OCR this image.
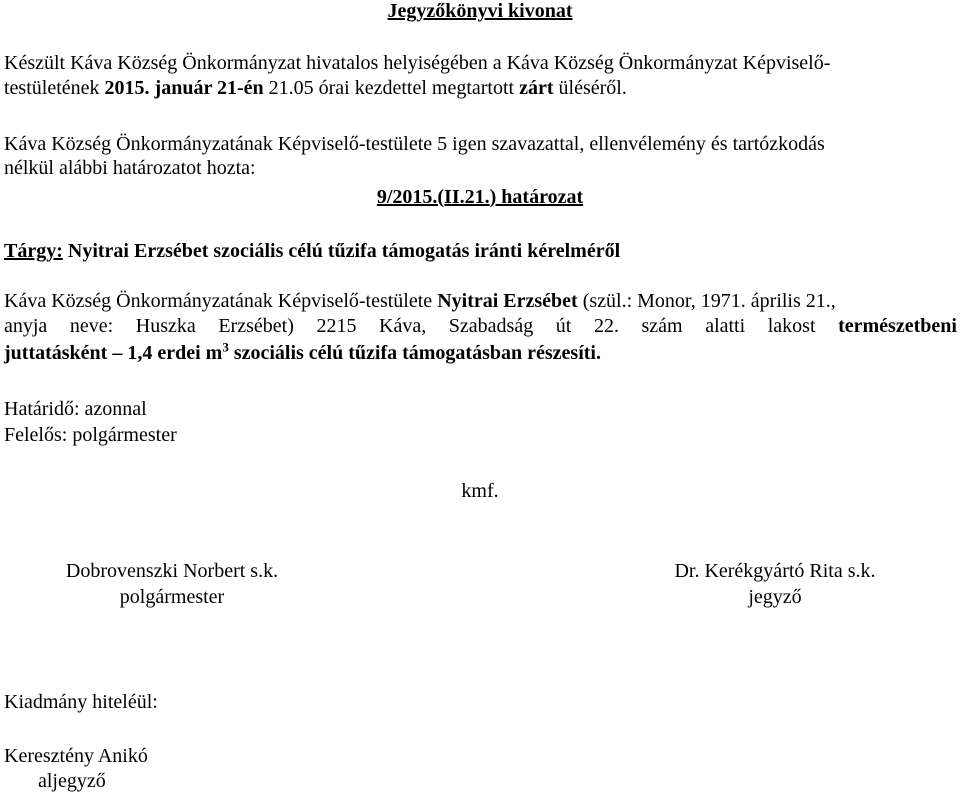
Jegyzőkönyvi kivonat
Készült Káva Község Önkormányzat hivatalos helyiségében a Káva Község Önkormányzat Képviselő-
testületének 2015. január 21-én 21.05 órai kezdettel megtartott zárt üléséről.
Káva Község Önkormányzatának Képviselő-testülete 5 igen szavazattal, ellenvélemény és tartózkodás
nélkül alábbi határozatot hozta:
9/2015.(II.21.) határozat
Tárgy: Nyitrai Erzsébet szociális célú tűzifa támogatás iránti kérelméről
Káva Község Önkormányzatának Képviselő-testülete Nyitrai Erzsébet (szül.: Monor, 1971. április 21.,
anyja neve: Huszka Erzsébet) 2215 Káva, Szabadság út 22. szám alatti lakost természetbeni
juttatásként – 1,4 erdei $m^3$ szociális célú tűzifa támogatásban részesíti.
Határidő: azonnal
Felelős: polgármester
kmf.
Dobrovenszki Norbert s.k.
polgármester
Dr. Kerékgyártó Rita s.k.
jegyző
Kiadmány hiteléül:
Keresztény Anikó
aljegyző
